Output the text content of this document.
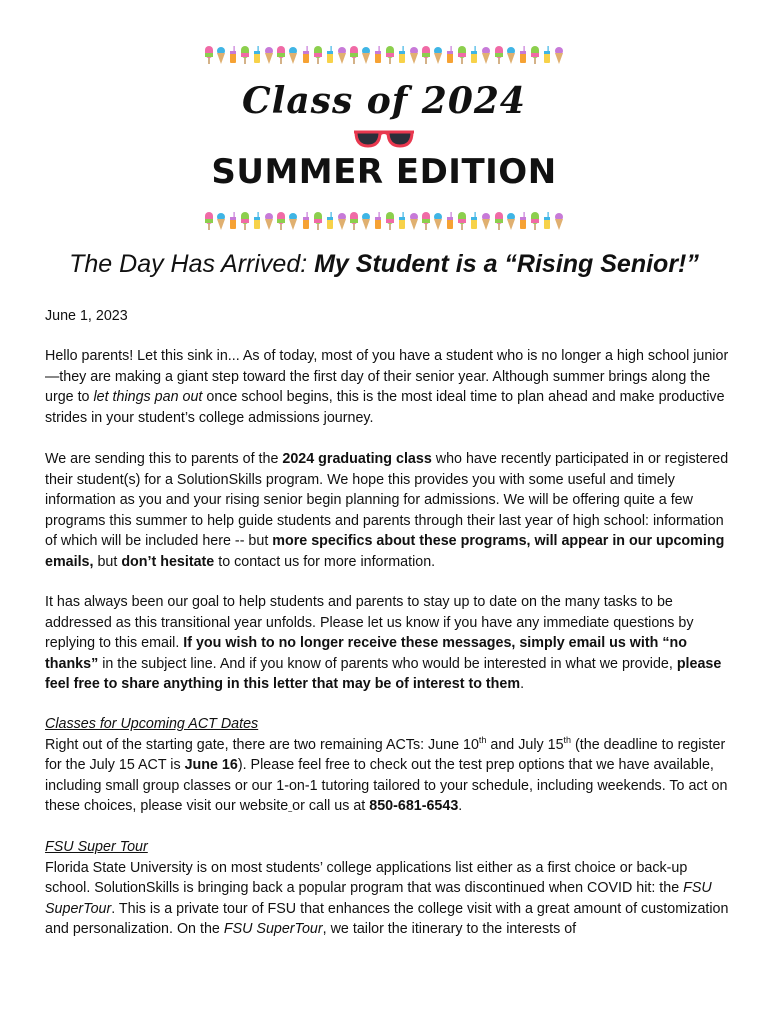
Class of 2024
SUMMER EDITION
The Day Has Arrived: My Student is a “Rising Senior!”
June 1, 2023
Hello parents! Let this sink in... As of today, most of you have a student who is no longer a high school junior—they are making a giant step toward the first day of their senior year. Although summer brings along the urge to let things pan out once school begins, this is the most ideal time to plan ahead and make productive strides in your student’s college admissions journey.
We are sending this to parents of the 2024 graduating class who have recently participated in or registered their student(s) for a SolutionSkills program. We hope this provides you with some useful and timely information as you and your rising senior begin planning for admissions. We will be offering quite a few programs this summer to help guide students and parents through their last year of high school: information of which will be included here -- but more specifics about these programs, will appear in our upcoming emails, but don’t hesitate to contact us for more information.
It has always been our goal to help students and parents to stay up to date on the many tasks to be addressed as this transitional year unfolds. Please let us know if you have any immediate questions by replying to this email. If you wish to no longer receive these messages, simply email us with “no thanks” in the subject line. And if you know of parents who would be interested in what we provide, please feel free to share anything in this letter that may be of interest to them.
Classes for Upcoming ACT Dates
Right out of the starting gate, there are two remaining ACTs: June 10th and July 15th (the deadline to register for the July 15 ACT is June 16). Please feel free to check out the test prep options that we have available, including small group classes or our 1-on-1 tutoring tailored to your schedule, including weekends. To act on these choices, please visit our website or call us at 850-681-6543.
FSU Super Tour
Florida State University is on most students’ college applications list either as a first choice or back-up school. SolutionSkills is bringing back a popular program that was discontinued when COVID hit: the FSU SuperTour. This is a private tour of FSU that enhances the college visit with a great amount of customization and personalization. On the FSU SuperTour, we tailor the itinerary to the interests of
